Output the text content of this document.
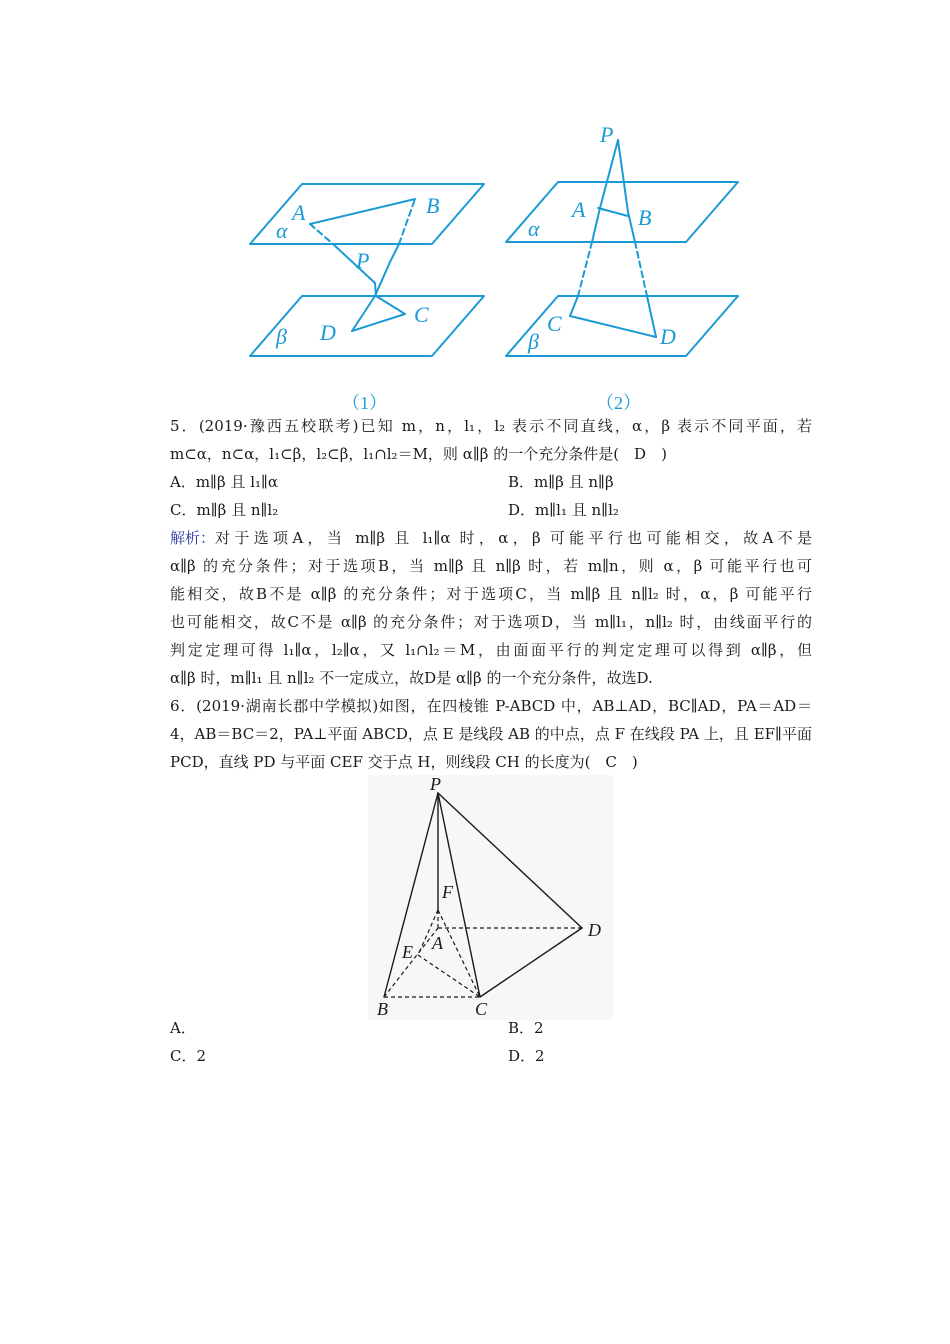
A	B
α
P
C
D
β
P
A B
α
C
D
β
（1）	（2）
5．(2019·豫西五校联考)已知 m，n，l₁，l₂ 表示不同直线，α，β 表示不同平面，若
m⊂α，n⊂α，l₁⊂β，l₂⊂β，l₁∩l₂＝M，则 α∥β 的一个充分条件是(　D　)
A．m∥β 且 l₁∥α	B．m∥β 且 n∥β
C．m∥β 且 n∥l₂	D．m∥l₁ 且 n∥l₂
解析： 对于选项A，当 m∥β 且 l₁∥α 时，α，β 可能平行也可能相交，故A不是
α∥β 的充分条件；对于选项B，当 m∥β 且 n∥β 时，若 m∥n，则 α，β 可能平行也可
能相交，故B不是 α∥β 的充分条件；对于选项C，当 m∥β 且 n∥l₂ 时，α，β 可能平行
也可能相交，故C不是 α∥β 的充分条件；对于选项D，当 m∥l₁，n∥l₂ 时，由线面平行的
判定定理可得 l₁∥α，l₂∥α，又 l₁∩l₂＝M，由面面平行的判定定理可以得到 α∥β，但
α∥β 时，m∥l₁ 且 n∥l₂ 不一定成立，故D是 α∥β 的一个充分条件，故选D.
6．(2019·湖南长郡中学模拟)如图，在四棱锥 P-ABCD 中，AB⊥AD，BC∥AD，PA＝AD＝
4，AB＝BC＝2，PA⊥平面 ABCD，点 E 是线段 AB 的中点，点 F 在线段 PA 上，且 EF∥平面
PCD，直线 PD 与平面 CEF 交于点 H，则线段 CH 的长度为(　C　)
P
F
A
E
D
B	C
A．	B．2
C．2	D．2
